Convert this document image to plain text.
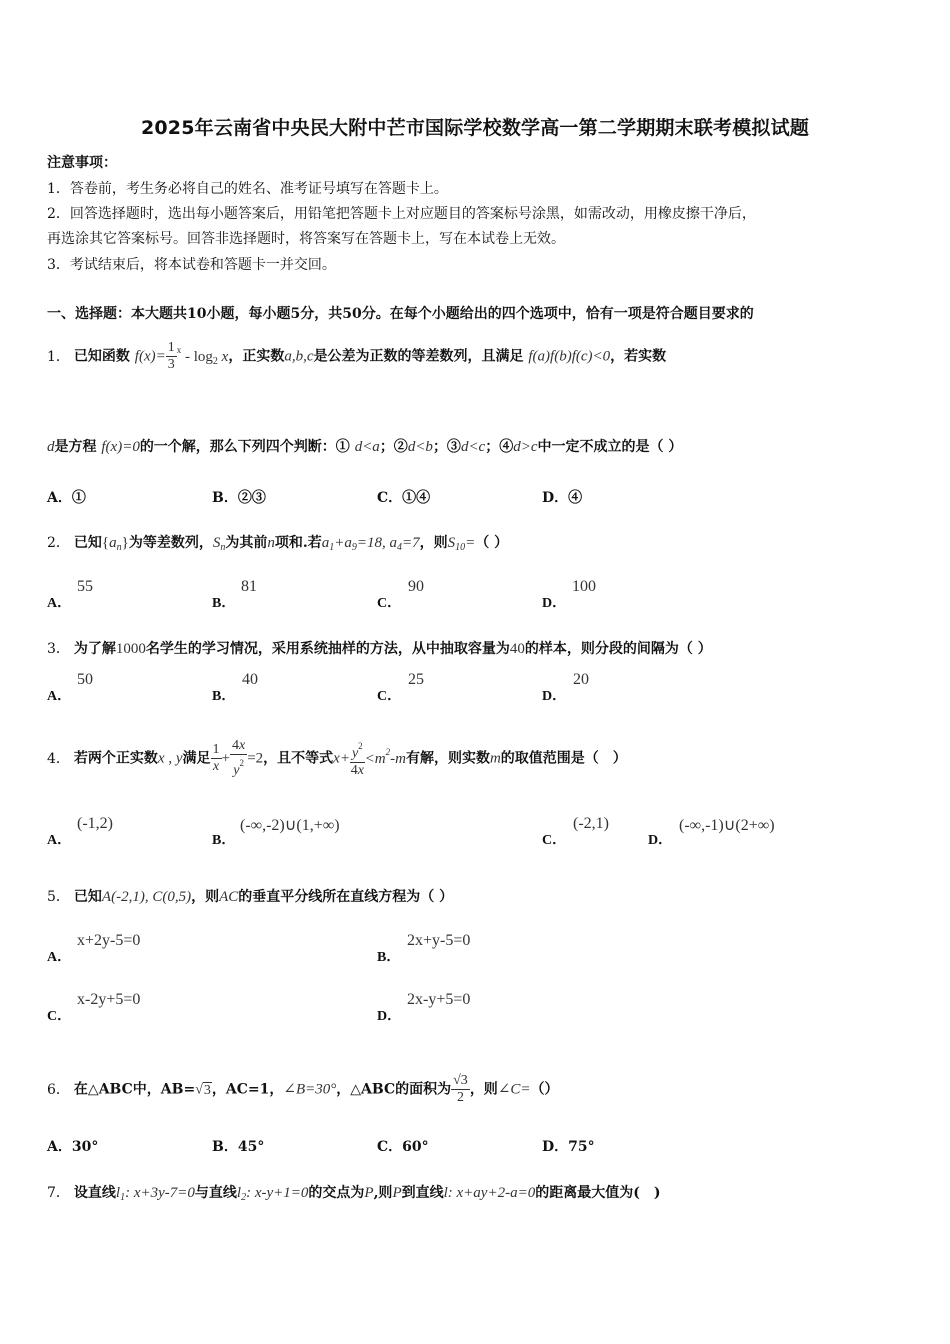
2025年云南省中央民大附中芒市国际学校数学高一第二学期期末联考模拟试题
注意事项：
1．答卷前，考生务必将自己的姓名、准考证号填写在答题卡上。
2．回答选择题时，选出每小题答案后，用铅笔把答题卡上对应题目的答案标号涂黑，如需改动，用橡皮擦干净后，
再选涂其它答案标号。回答非选择题时，将答案写在答题卡上，写在本试卷上无效。
3．考试结束后，将本试卷和答题卡一并交回。
一、选择题：本大题共10小题，每小题5分，共50分。在每个小题给出的四个选项中，恰有一项是符合题目要求的
1． 已知函数 $f(x)= \frac{1}{3} ^x - \log_2 x$，正实数a,b,c是公差为正数的等差数列，且满足 f(a)f(b)f(c)<0，若实数
d是方程 f(x)=0的一个解，那么下列四个判断：① d<a；②d<b；③d<c；④d>c中一定不成立的是（ ）
A．①	B．②③	C．①④	D．④
2． 已知$\{a_n\}$为等差数列，$S_n$为其前n项和.若$a_1+a_9=18$, $a_4=7$，则$S_{10}=$（ ）
A．
55
B．
81
C．
90
D．
100
3． 为了解1000名学生的学习情况，采用系统抽样的方法，从中抽取容量为40的样本，则分段的间隔为（ ）
A．
50
B．
40
C．
25
D．
20
4． 若两个正实数x , y满足 $\frac{1}{x} + \frac{4x}{y^2} =2$，且不等式$x+ \frac{y^2}{4x} <m^2-m$有解，则实数m的取值范围是（　）
A．
(-1,2)
B．
(-∞,-2)∪(1,+∞)
C．
(-2,1)
D．
(-∞,-1)∪(2+∞)
5． 已知A(-2,1), C(0,5)，则AC的垂直平分线所在直线方程为（ ）
A．
x+2y-5=0
B．
2x+y-5=0
C．
x-2y+5=0
D．
2x-y+5=0
6． 在△ABC中，AB=√3，AC=1，∠B=30°，△ABC的面积为 $\frac{√3}{2}$ ，则∠C=（）
A．30°	B．45°	C．60°	D．75°
7． 设直线$l_1$: x+3y-7=0与直线$l_2$: x-y+1=0的交点为P,则P到直线l: x+ay+2-a=0的距离最大值为(　)
